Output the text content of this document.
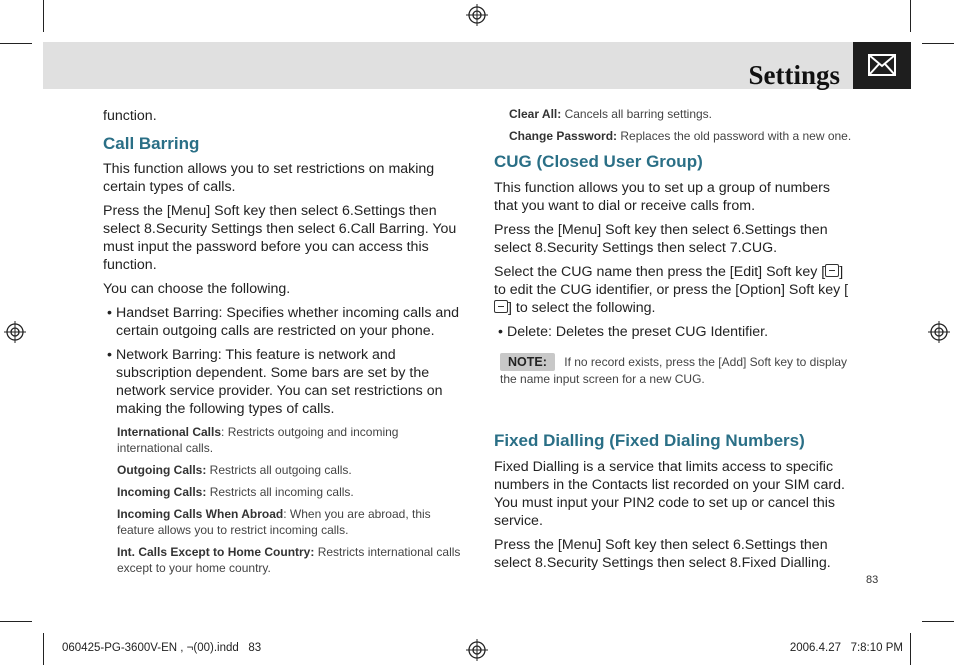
Settings

function.

Call Barring

This function allows you to set restrictions on making certain types of calls.

Press the [Menu] Soft key then select 6.Settings then select 8.Security Settings then select 6.Call Barring. You must input the password before you can access this function.

You can choose the following.

• Handset Barring: Specifies whether incoming calls and certain outgoing calls are restricted on your phone.

• Network Barring: This feature is network and subscription dependent. Some bars are set by the network service provider. You can set restrictions on making the following types of calls.

International Calls: Restricts outgoing and incoming international calls.
Outgoing Calls: Restricts all outgoing calls.
Incoming Calls: Restricts all incoming calls.
Incoming Calls When Abroad: When you are abroad, this feature allows you to restrict incoming calls.
Int. Calls Except to Home Country: Restricts international calls except to your home country.
Clear All: Cancels all barring settings.
Change Password: Replaces the old password with a new one.

CUG (Closed User Group)

This function allows you to set up a group of numbers that you want to dial or receive calls from.

Press the [Menu] Soft key then select 6.Settings then select 8.Security Settings then select 7.CUG.

Select the CUG name then press the [Edit] Soft key [ ] to edit the CUG identifier, or press the [Option] Soft key [] to select the following.

• Delete: Deletes the preset CUG Identifier.

NOTE: If no record exists, press the [Add] Soft key to display the name input screen for a new CUG.

Fixed Dialling (Fixed Dialing Numbers)

Fixed Dialling is a service that limits access to specific numbers in the Contacts list recorded on your SIM card. You must input your PIN2 code to set up or cancel this service.

Press the [Menu] Soft key then select 6.Settings then select 8.Security Settings then select 8.Fixed Dialling.

83
060425-PG-3600V-EN , ¬(00).indd   83	2006.4.27   7:8:10 PM
